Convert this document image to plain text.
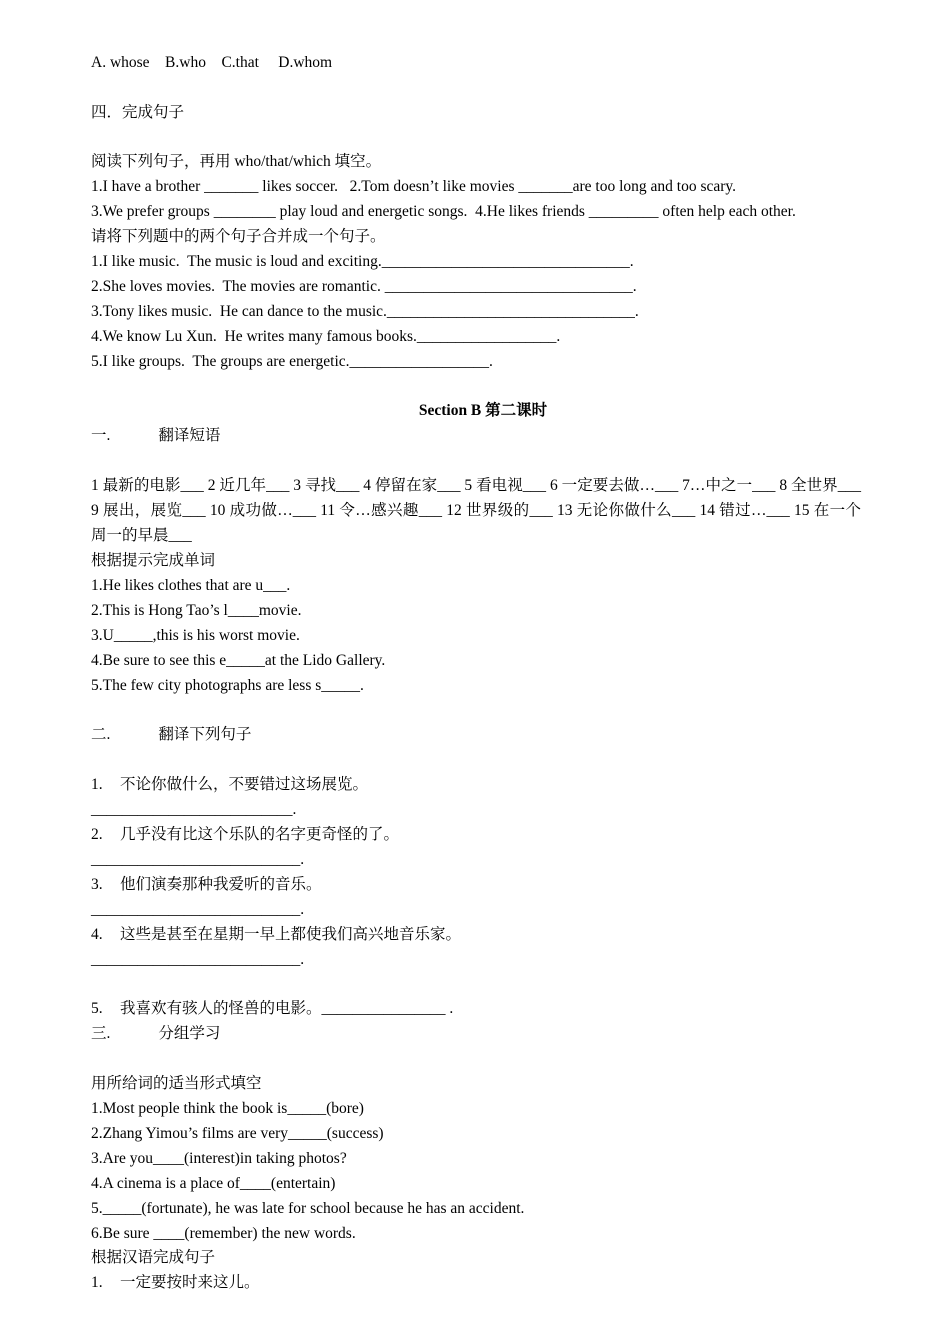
A. whose    B.who    C.that     D.whom
四．完成句子
阅读下列句子，再用 who/that/which 填空。
1.I have a brother _______ likes soccer.   2.Tom doesn’t like movies _______are too long and too scary.
3.We prefer groups ________ play loud and energetic songs.  4.He likes friends _________ often help each other.
请将下列题中的两个句子合并成一个句子。
1.I like music.  The music is loud and exciting.________________________________.
2.She loves movies.  The movies are romantic. ________________________________.
3.Tony likes music.  He can dance to the music.________________________________.
4.We know Lu Xun.  He writes many famous books.__________________.
5.I like groups.  The groups are energetic.__________________.
Section B 第二课时
一.	翻译短语
1 最新的电影___ 2 近几年___ 3 寻找___ 4 停留在家___ 5 看电视___ 6 一定要去做…___ 7…中之一___ 8 全世界___ 9 展出，展览___ 10 成功做…___ 11 令…感兴趣___ 12 世界级的___ 13 无论你做什么___ 14 错过…___ 15 在一个周一的早晨___
根据提示完成单词
1.He likes clothes that are u___.
2.This is Hong Tao’s l____movie.
3.U_____,this is his worst movie.
4.Be sure to see this e_____at the Lido Gallery.
5.The few city photographs are less s_____.
二.	翻译下列句子
1. 不论你做什么，不要错过这场展览。
__________________________.
2. 几乎没有比这个乐队的名字更奇怪的了。
___________________________.
3. 他们演奏那种我爱听的音乐。
___________________________.
4. 这些是甚至在星期一早上都使我们高兴地音乐家。
___________________________.
5. 我喜欢有骇人的怪兽的电影。________________ .
三.	分组学习
用所给词的适当形式填空
1.Most people think the book is_____(bore)
2.Zhang Yimou’s films are very_____(success)
3.Are you____(interest)in taking photos?
4.A cinema is a place of____(entertain)
5._____(fortunate), he was late for school because he has an accident.
6.Be sure ____(remember) the new words.
根据汉语完成句子
1. 一定要按时来这儿。
